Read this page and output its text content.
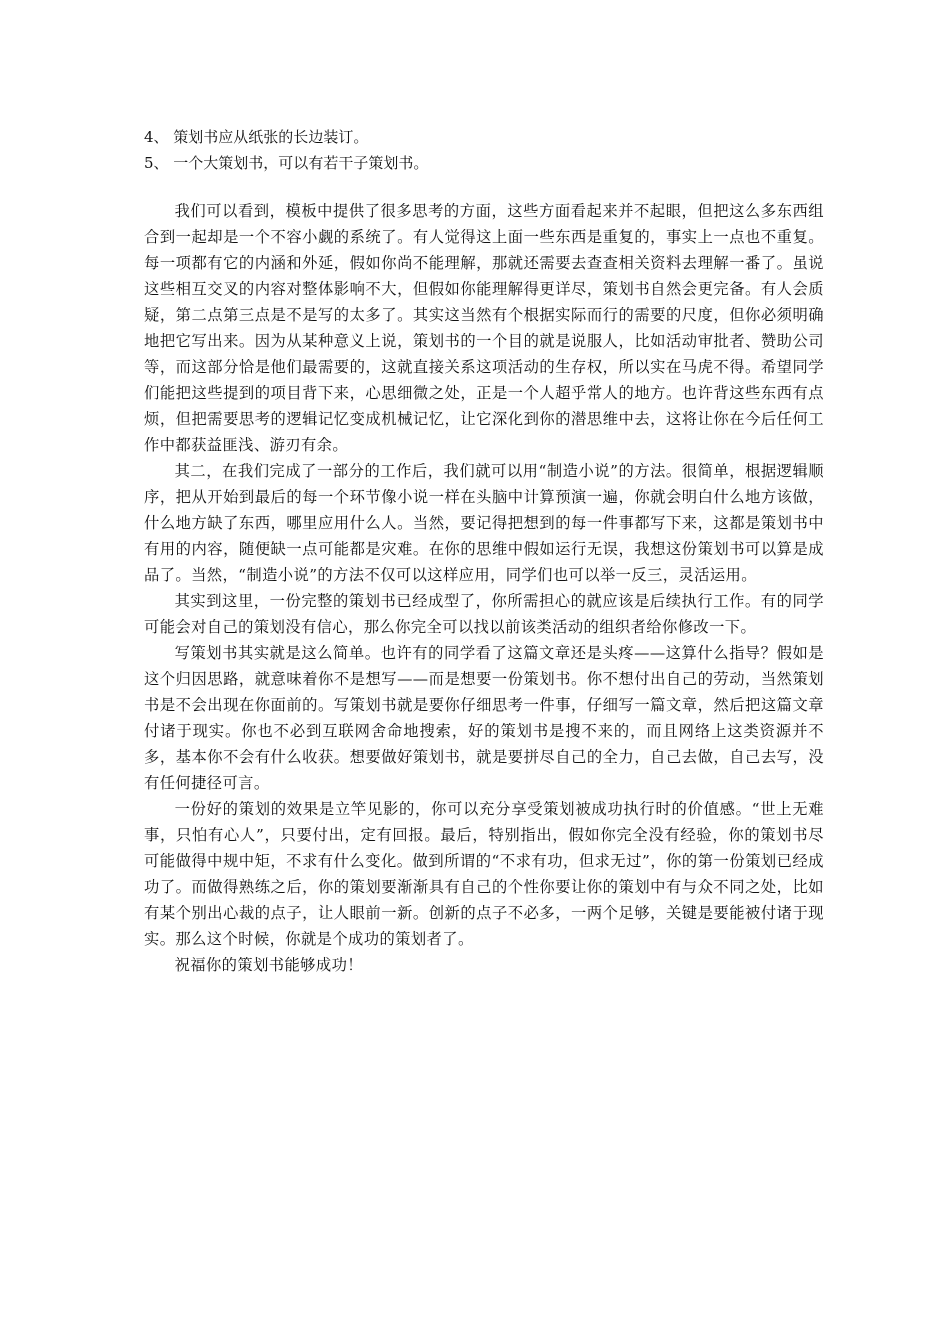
4、 策划书应从纸张的长边装订。
5、 一个大策划书，可以有若干子策划书。

我们可以看到，模板中提供了很多思考的方面，这些方面看起来并不起眼，但把这么多东西组合到一起却是一个不容小觑的系统了。有人觉得这上面一些东西是重复的，事实上一点也不重复。每一项都有它的内涵和外延，假如你尚不能理解，那就还需要去查查相关资料去理解一番了。虽说这些相互交叉的内容对整体影响不大，但假如你能理解得更详尽，策划书自然会更完备。有人会质疑，第二点第三点是不是写的太多了。其实这当然有个根据实际而行的需要的尺度，但你必须明确地把它写出来。因为从某种意义上说，策划书的一个目的就是说服人，比如活动审批者、赞助公司等，而这部分恰是他们最需要的，这就直接关系这项活动的生存权，所以实在马虎不得。希望同学们能把这些提到的项目背下来，心思细微之处，正是一个人超乎常人的地方。也许背这些东西有点烦，但把需要思考的逻辑记忆变成机械记忆，让它深化到你的潜思维中去，这将让你在今后任何工作中都获益匪浅、游刃有余。

其二，在我们完成了一部分的工作后，我们就可以用“制造小说”的方法。很简单，根据逻辑顺序，把从开始到最后的每一个环节像小说一样在头脑中计算预演一遍，你就会明白什么地方该做，什么地方缺了东西，哪里应用什么人。当然，要记得把想到的每一件事都写下来，这都是策划书中有用的内容，随便缺一点可能都是灾难。在你的思维中假如运行无误，我想这份策划书可以算是成品了。当然，“制造小说”的方法不仅可以这样应用，同学们也可以举一反三，灵活运用。

其实到这里，一份完整的策划书已经成型了，你所需担心的就应该是后续执行工作。有的同学可能会对自己的策划没有信心，那么你完全可以找以前该类活动的组织者给你修改一下。

写策划书其实就是这么简单。也许有的同学看了这篇文章还是头疼——这算什么指导？假如是这个归因思路，就意味着你不是想写——而是想要一份策划书。你不想付出自己的劳动，当然策划书是不会出现在你面前的。写策划书就是要你仔细思考一件事，仔细写一篇文章，然后把这篇文章付诸于现实。你也不必到互联网舍命地搜索，好的策划书是搜不来的，而且网络上这类资源并不多，基本你不会有什么收获。想要做好策划书，就是要拼尽自己的全力，自己去做，自己去写，没有任何捷径可言。

一份好的策划的效果是立竿见影的，你可以充分享受策划被成功执行时的价值感。“世上无难事，只怕有心人”，只要付出，定有回报。最后，特别指出，假如你完全没有经验，你的策划书尽可能做得中规中矩，不求有什么变化。做到所谓的“不求有功，但求无过”，你的第一份策划已经成功了。而做得熟练之后，你的策划要渐渐具有自己的个性你要让你的策划中有与众不同之处，比如有某个别出心裁的点子，让人眼前一新。创新的点子不必多，一两个足够，关键是要能被付诸于现实。那么这个时候，你就是个成功的策划者了。

祝福你的策划书能够成功！
